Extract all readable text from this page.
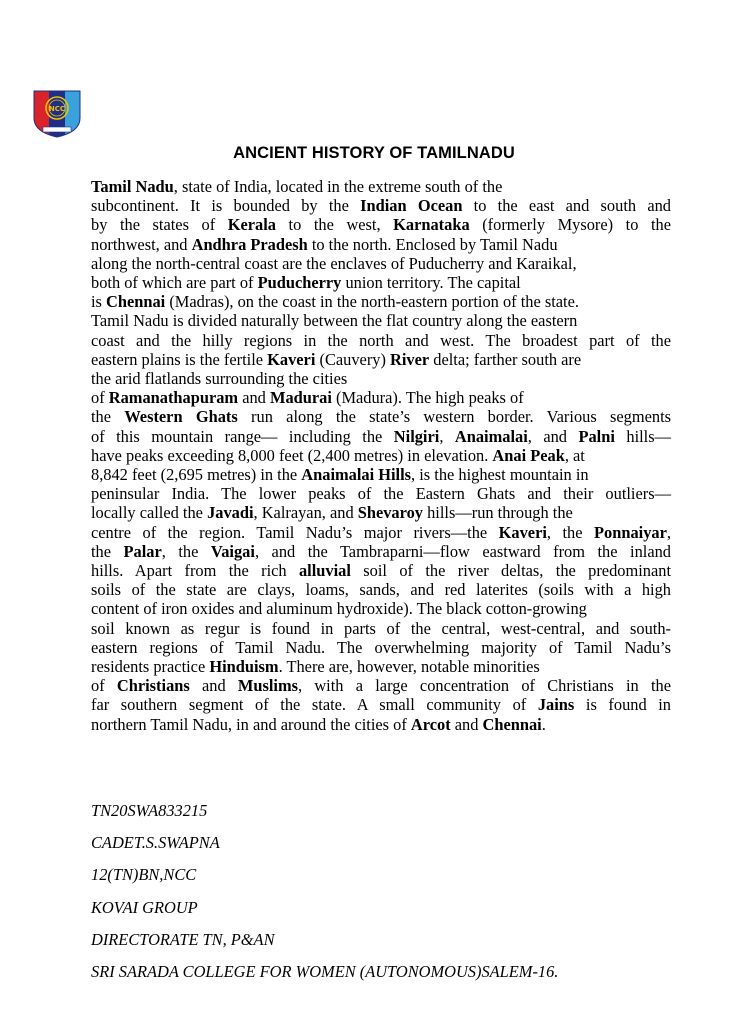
NCC
ANCIENT HISTORY OF TAMILNADU
Tamil Nadu, state of India, located in the extreme south of the
subcontinent. It is bounded by the Indian Ocean to the east and south and
by the states of Kerala to the west, Karnataka (formerly Mysore) to the
northwest, and Andhra Pradesh to the north. Enclosed by Tamil Nadu
along the north-central coast are the enclaves of Puducherry and Karaikal,
both of which are part of Puducherry union territory. The capital
is Chennai (Madras), on the coast in the north-eastern portion of the state.
Tamil Nadu is divided naturally between the flat country along the eastern
coast and the hilly regions in the north and west. The broadest part of the
eastern plains is the fertile Kaveri (Cauvery) River delta; farther south are
the arid flatlands surrounding the cities
of Ramanathapuram and Madurai (Madura). The high peaks of
the Western Ghats run along the state’s western border. Various segments
of this mountain range— including the Nilgiri, Anaimalai, and Palni hills—
have peaks exceeding 8,000 feet (2,400 metres) in elevation. Anai Peak, at
8,842 feet (2,695 metres) in the Anaimalai Hills, is the highest mountain in
peninsular India. The lower peaks of the Eastern Ghats and their outliers—
locally called the Javadi, Kalrayan, and Shevaroy hills—run through the
centre of the region. Tamil Nadu’s major rivers—the Kaveri, the Ponnaiyar,
the Palar, the Vaigai, and the Tambraparni—flow eastward from the inland
hills. Apart from the rich alluvial soil of the river deltas, the predominant
soils of the state are clays, loams, sands, and red laterites (soils with a high
content of iron oxides and aluminum hydroxide). The black cotton-growing
soil known as regur is found in parts of the central, west-central, and south-
eastern regions of Tamil Nadu. The overwhelming majority of Tamil Nadu’s
residents practice Hinduism. There are, however, notable minorities
of Christians and Muslims, with a large concentration of Christians in the
far southern segment of the state. A small community of Jains is found in
northern Tamil Nadu, in and around the cities of Arcot and Chennai.
TN20SWA833215
CADET.S.SWAPNA
12(TN)BN,NCC
KOVAI GROUP
DIRECTORATE TN, P&AN
SRI SARADA COLLEGE FOR WOMEN (AUTONOMOUS)SALEM-16.
